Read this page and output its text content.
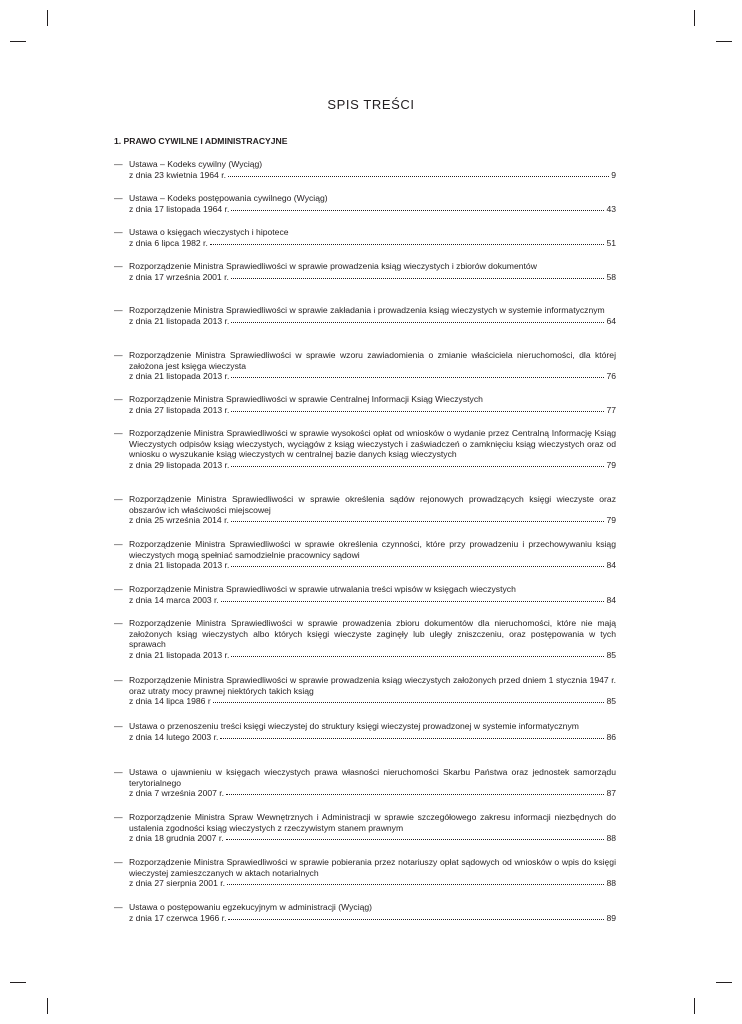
SPIS TREŚCI
1. PRAWO CYWILNE I ADMINISTRACYJNE
— Ustawa – Kodeks cywilny (Wyciąg)
z dnia 23 kwietnia 1964 r.	9
— Ustawa – Kodeks postępowania cywilnego (Wyciąg)
z dnia 17 listopada 1964 r.	43
— Ustawa o księgach wieczystych i hipotece
z dnia 6 lipca 1982 r.	51
— Rozporządzenie Ministra Sprawiedliwości w sprawie prowadzenia ksiąg wieczystych i zbiorów dokumentów
z dnia 17 września 2001 r.	58
— Rozporządzenie Ministra Sprawiedliwości w sprawie zakładania i prowadzenia ksiąg wieczystych w systemie informatycznym
z dnia 21 listopada 2013 r.	64
— Rozporządzenie Ministra Sprawiedliwości w sprawie wzoru zawiadomienia o zmianie właściciela nieruchomości, dla której założona jest księga wieczysta
z dnia 21 listopada 2013 r.	76
— Rozporządzenie Ministra Sprawiedliwości w sprawie Centralnej Informacji Ksiąg Wieczystych
z dnia 27 listopada 2013 r.	77
— Rozporządzenie Ministra Sprawiedliwości w sprawie wysokości opłat od wniosków o wydanie przez Centralną Informację Ksiąg Wieczystych odpisów ksiąg wieczystych, wyciągów z ksiąg wieczystych i zaświadczeń o zamknięciu ksiąg wieczystych oraz od wniosku o wyszukanie ksiąg wieczystych w centralnej bazie danych ksiąg wieczystych
z dnia 29 listopada 2013 r.	79
— Rozporządzenie Ministra Sprawiedliwości w sprawie określenia sądów rejonowych prowadzących księgi wieczyste oraz obszarów ich właściwości miejscowej
z dnia 25 września 2014 r.	79
— Rozporządzenie Ministra Sprawiedliwości w sprawie określenia czynności, które przy prowadzeniu i przechowywaniu ksiąg wieczystych mogą spełniać samodzielnie pracownicy sądowi
z dnia 21 listopada 2013 r.	84
— Rozporządzenie Ministra Sprawiedliwości w sprawie utrwalania treści wpisów w księgach wieczystych
z dnia 14 marca 2003 r.	84
— Rozporządzenie Ministra Sprawiedliwości w sprawie prowadzenia zbioru dokumentów dla nieruchomości, które nie mają założonych ksiąg wieczystych albo których księgi wieczyste zaginęły lub uległy zniszczeniu, oraz postępowania w tych sprawach
z dnia 21 listopada 2013 r.	85
— Rozporządzenie Ministra Sprawiedliwości w sprawie prowadzenia ksiąg wieczystych założonych przed dniem 1 stycznia 1947 r. oraz utraty mocy prawnej niektórych takich ksiąg
z dnia 14 lipca 1986 r	85
— Ustawa o przenoszeniu treści księgi wieczystej do struktury księgi wieczystej prowadzonej w systemie informatycznym
z dnia 14 lutego 2003 r.	86
— Ustawa o ujawnieniu w księgach wieczystych prawa własności nieruchomości Skarbu Państwa oraz jednostek samorządu terytorialnego
z dnia 7 września 2007 r.	87
— Rozporządzenie Ministra Spraw Wewnętrznych i Administracji w sprawie szczegółowego zakresu informacji niezbędnych do ustalenia zgodności ksiąg wieczystych z rzeczywistym stanem prawnym
z dnia 18 grudnia 2007 r.	88
— Rozporządzenie Ministra Sprawiedliwości w sprawie pobierania przez notariuszy opłat sądowych od wniosków o wpis do księgi wieczystej zamieszczanych w aktach notarialnych
z dnia 27 sierpnia 2001 r.	88
— Ustawa o postępowaniu egzekucyjnym w administracji (Wyciąg)
z dnia 17 czerwca 1966 r.	89
